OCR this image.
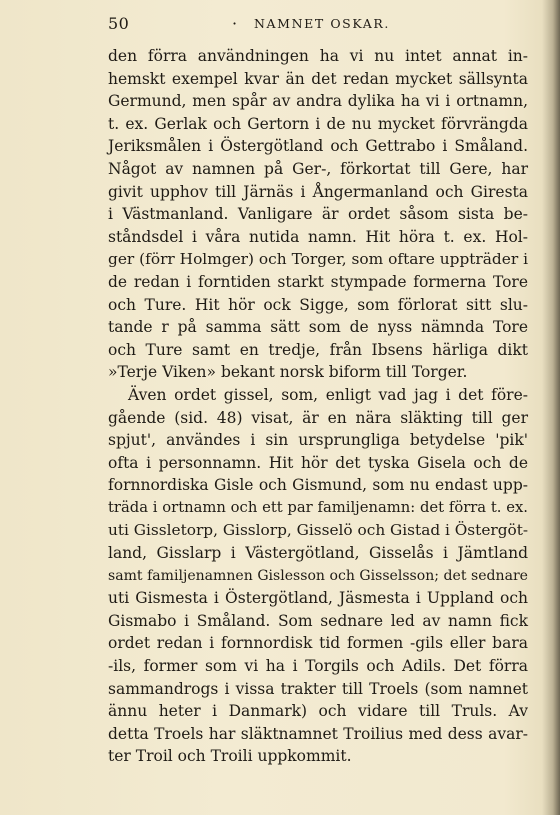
50
·	NAMNET OSKAR.
den förra användningen ha vi nu intet annat in-
hemskt exempel kvar än det redan mycket sällsynta
Germund, men spår av andra dylika ha vi i ortnamn,
t. ex. Gerlak och Gertorn i de nu mycket förvrängda
Jeriksmålen i Östergötland och Gettrabo i Småland.
Något av namnen på Ger-, förkortat till Gere, har
givit upphov till Järnäs i Ångermanland och Giresta
i Västmanland. Vanligare är ordet såsom sista be-
ståndsdel i våra nutida namn. Hit höra t. ex. Hol-
ger (förr Holmger) och Torger, som oftare uppträder i
de redan i forntiden starkt stympade formerna Tore
och Ture. Hit hör ock Sigge, som förlorat sitt slu-
tande r på samma sätt som de nyss nämnda Tore
och Ture samt en tredje, från Ibsens härliga dikt
»Terje Viken» bekant norsk biform till Torger.
Även ordet gissel, som, enligt vad jag i det före-
gående (sid. 48) visat, är en nära släkting till ger
spjut', användes i sin ursprungliga betydelse 'pik'
ofta i personnamn. Hit hör det tyska Gisela och de
fornnordiska Gisle och Gismund, som nu endast upp-
träda i ortnamn och ett par familjenamn: det förra t. ex.
uti Gissletorp, Gisslorp, Gisselö och Gistad i Östergöt-
land, Gisslarp i Västergötland, Gisselås i Jämtland
samt familjenamnen Gislesson och Gisselsson; det sednare
uti Gismesta i Östergötland, Jäsmesta i Uppland och
Gismabo i Småland. Som sednare led av namn fick
ordet redan i fornnordisk tid formen -gils eller bara
-ils, former som vi ha i Torgils och Adils. Det förra
sammandrogs i vissa trakter till Troels (som namnet
ännu heter i Danmark) och vidare till Truls. Av
detta Troels har släktnamnet Troilius med dess avar-
ter Troil och Troili uppkommit.
